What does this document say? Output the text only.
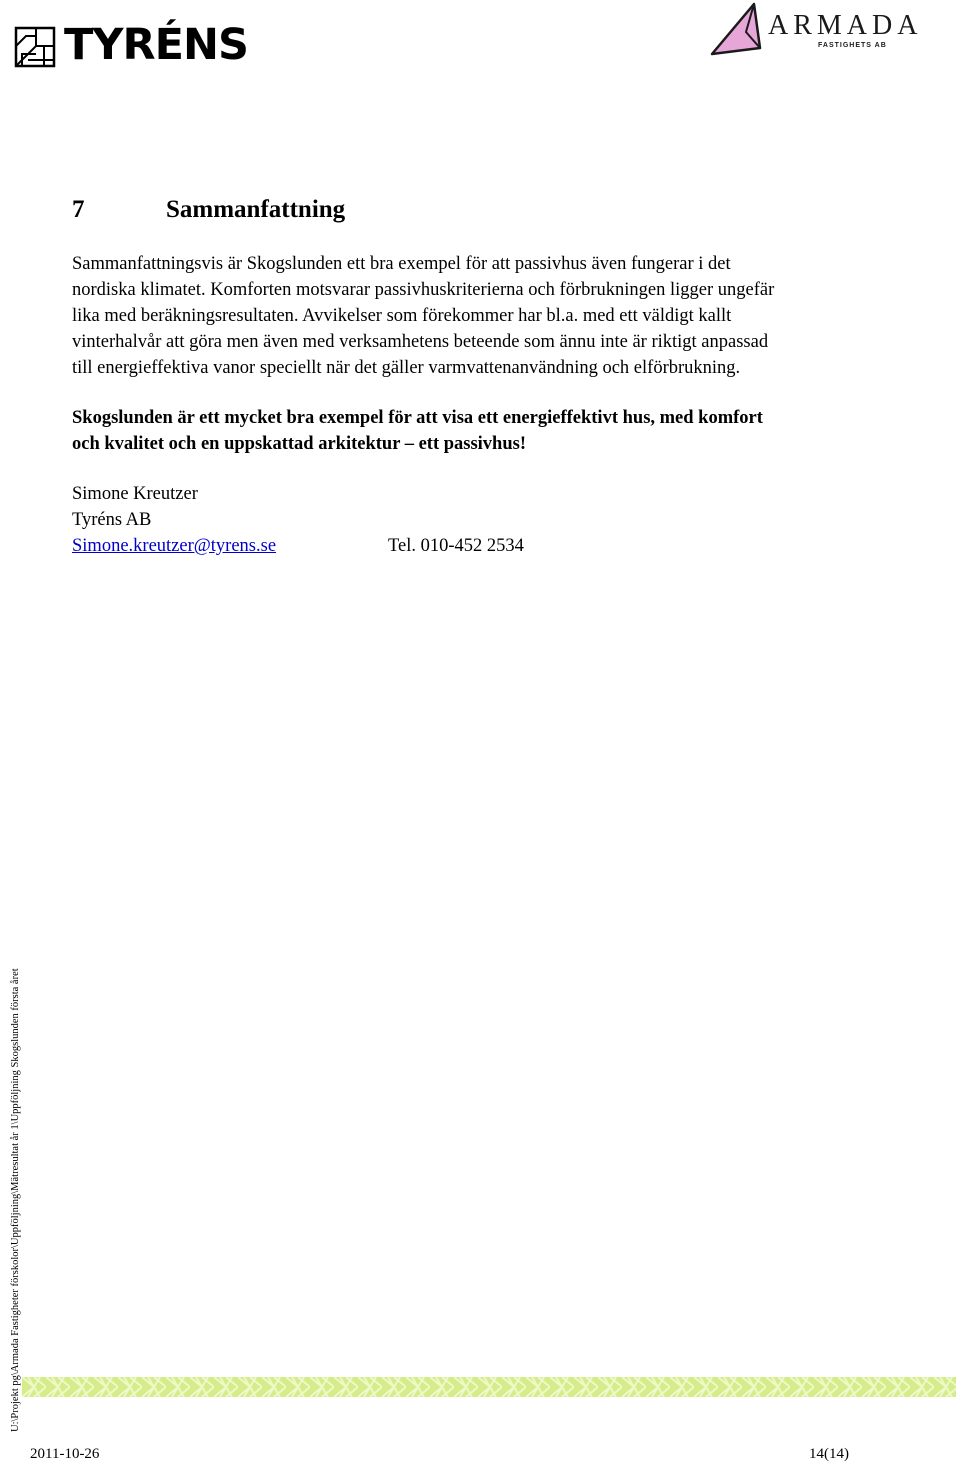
TYRÉNS	ARMADA
FASTIGHETS AB
7	Sammanfattning
Sammanfattningsvis är Skogslunden ett bra exempel för att passivhus även fungerar i det
nordiska klimatet. Komforten motsvarar passivhuskriterierna och förbrukningen ligger ungefär
lika med beräkningsresultaten. Avvikelser som förekommer har bl.a. med ett väldigt kallt
vinterhalvår att göra men även med verksamhetens beteende som ännu inte är riktigt anpassad
till energieffektiva vanor speciellt när det gäller varmvattenanvändning och elförbrukning.
Skogslunden är ett mycket bra exempel för att visa ett energieffektivt hus, med komfort
och kvalitet och en uppskattad arkitektur – ett passivhus!
Simone Kreutzer
Tyréns AB
Simone.kreutzer@tyrens.se	Tel. 010-452 2534
U:\Projekt pg\Armada Fastigheter förskolor\Uppföljning\Mätresultat år 1\Uppföljning Skogslunden första året
2011-10-26	14(14)
